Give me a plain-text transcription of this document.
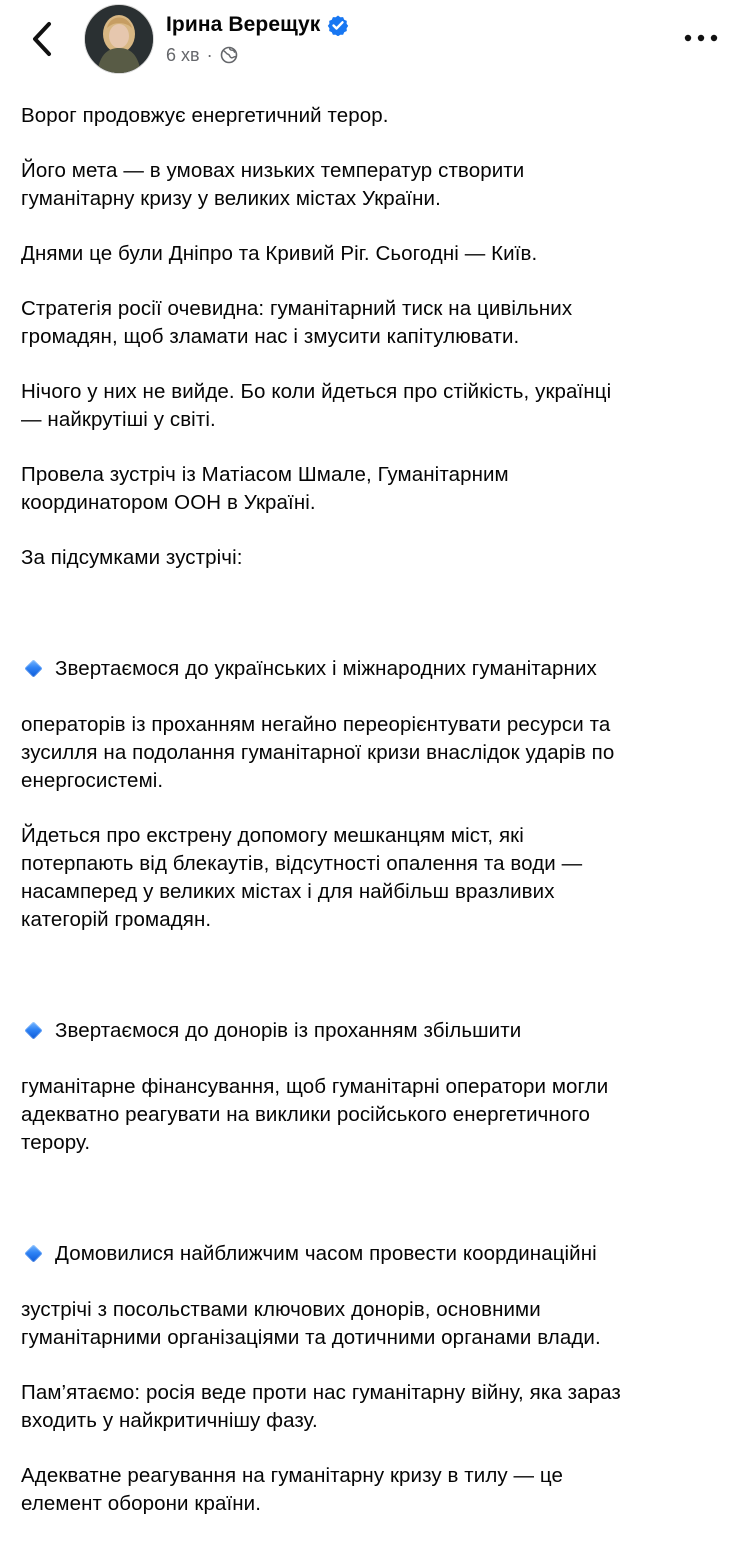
Ірина Верещук
6 хв ·

Ворог продовжує енергетичний терор.

Його мета — в умовах низьких температур створити
гуманітарну кризу у великих містах України.

Днями це були Дніпро та Кривий Ріг. Сьогодні — Київ.

Стратегія росії очевидна: гуманітарний тиск на цивільних
громадян, щоб зламати нас і змусити капітулювати.

Нічого у них не вийде. Бо коли йдеться про стійкість, українці
— найкрутіші у світі.

Провела зустріч із Матіасом Шмале, Гуманітарним
координатором ООН в Україні.

За підсумками зустрічі:

Звертаємося до українських і міжнародних гуманітарних

операторів із проханням негайно переорієнтувати ресурси та
зусилля на подолання гуманітарної кризи внаслідок ударів по
енергосистемі.

Йдеться про екстрену допомогу мешканцям міст, які
потерпають від блекаутів, відсутності опалення та води —
насамперед у великих містах і для найбільш вразливих
категорій громадян.

Звертаємося до донорів із проханням збільшити

гуманітарне фінансування, щоб гуманітарні оператори могли
адекватно реагувати на виклики російського енергетичного
терору.

Домовилися найближчим часом провести координаційні

зустрічі з посольствами ключових донорів, основними
гуманітарними організаціями та дотичними органами влади.

Пам’ятаємо: росія веде проти нас гуманітарну війну, яка зараз
входить у найкритичнішу фазу.

Адекватне реагування на гуманітарну кризу в тилу — це
елемент оборони країни.
